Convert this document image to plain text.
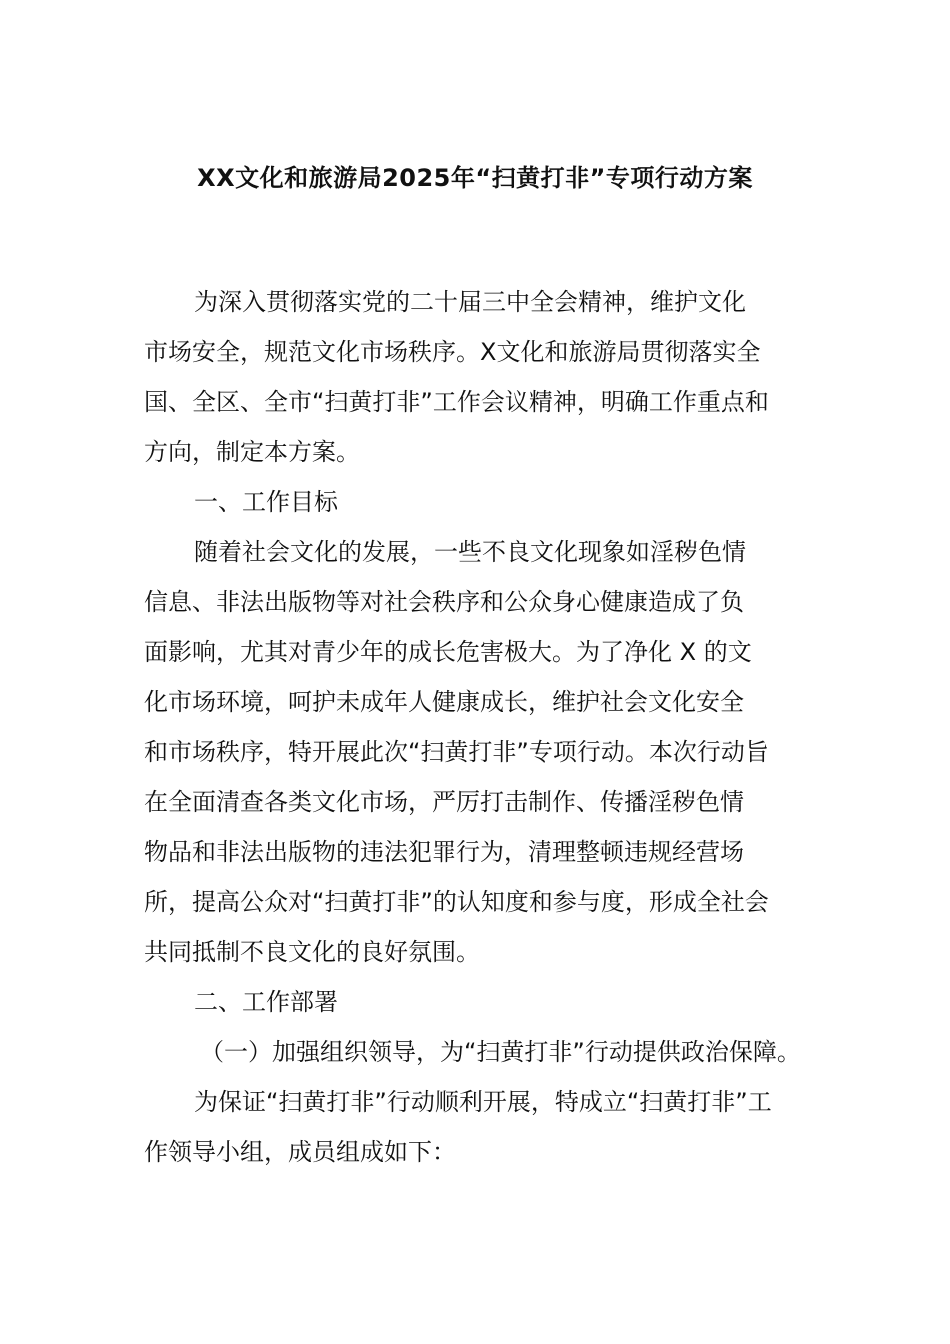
XX文化和旅游局2025年“扫黄打非”专项行动方案
为深入贯彻落实党的二十届三中全会精神，维护文化
市场安全，规范文化市场秩序。X文化和旅游局贯彻落实全
国、全区、全市“扫黄打非”工作会议精神，明确工作重点和
方向，制定本方案。
一、工作目标
随着社会文化的发展，一些不良文化现象如淫秽色情
信息、非法出版物等对社会秩序和公众身心健康造成了负
面影响，尤其对青少年的成长危害极大。为了净化 X 的文
化市场环境，呵护未成年人健康成长，维护社会文化安全
和市场秩序，特开展此次“扫黄打非”专项行动。本次行动旨
在全面清查各类文化市场，严厉打击制作、传播淫秽色情
物品和非法出版物的违法犯罪行为，清理整顿违规经营场
所，提高公众对“扫黄打非”的认知度和参与度，形成全社会
共同抵制不良文化的良好氛围。
二、工作部署
（一）加强组织领导，为“扫黄打非”行动提供政治保障。
为保证“扫黄打非”行动顺利开展，特成立“扫黄打非”工
作领导小组，成员组成如下：
